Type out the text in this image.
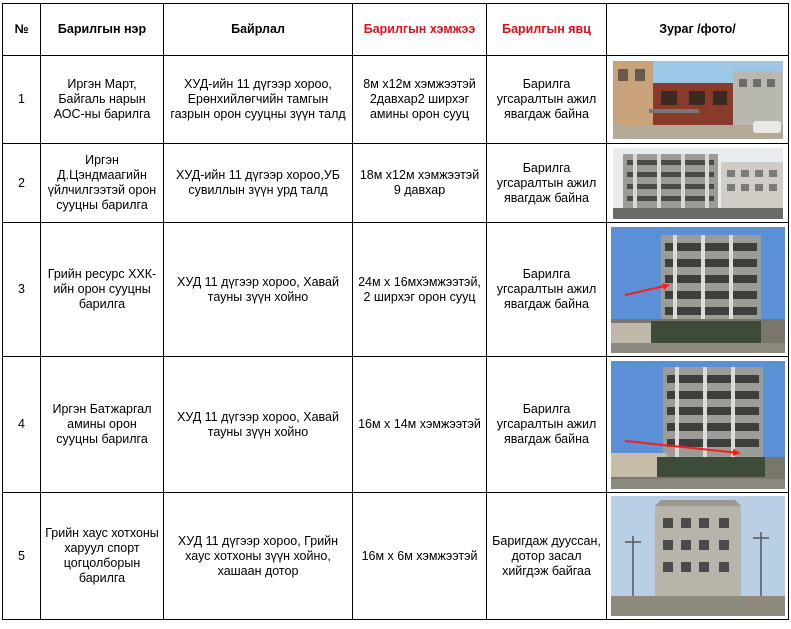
№	Барилгын нэр	Байрлал	Барилгын хэмжээ	Барилгын явц	Зураг /фото/
1	Иргэн Март, Байгаль нарын АОС-ны барилга	ХУД-ийн 11 дүгээр хороо, Ерөнхийлөгчийн тамгын газрын орон сууцны зүүн талд	8м х12м хэмжээтэй 2давхар2 ширхэг амины орон сууц	Барилга угсаралтын ажил явагдаж байна	

2	Иргэн Д.Цэндмаагийн үйлчилгээтэй орон сууцны барилга	ХУД-ийн 11 дүгээр хороо,УБ сувиллын зүүн урд талд	18м х12м хэмжээтэй 9 давхар	Барилга угсаралтын ажил явагдаж байна	

3	Грийн ресурс ХХК-ийн орон сууцны барилга	ХУД 11 дүгээр хороо, Хавай тауны зүүн хойно	24м х 16мхэмжээтэй, 2 ширхэг орон сууц	Барилга угсаралтын ажил явагдаж байна	

4	Иргэн Батжаргал амины орон сууцны барилга	ХУД 11 дүгээр хороо, Хавай тауны зүүн хойно	16м х 14м хэмжээтэй	Барилга угсаралтын ажил явагдаж байна	

5	Грийн хаус хотхоны харуул спорт цогцолборын барилга	ХУД 11 дүгээр хороо, Грийн хаус хотхоны зүүн хойно, хашаан дотор	16м х 6м хэмжээтэй	Баригдаж дууссан, дотор засал хийгдэж байгаа	
